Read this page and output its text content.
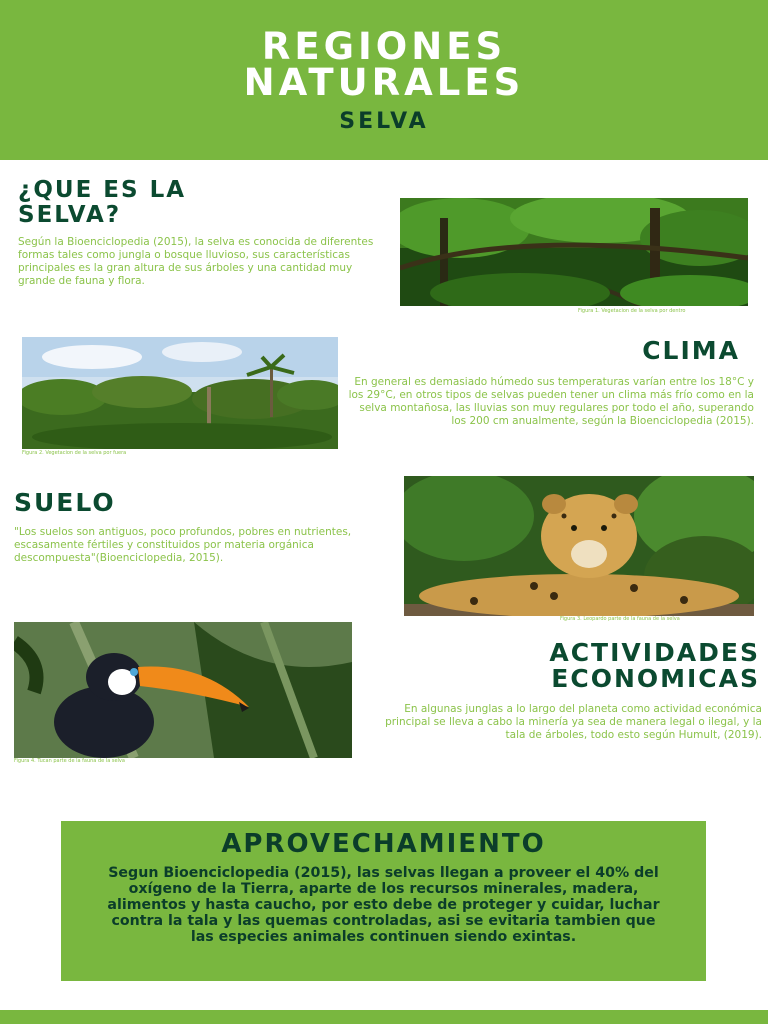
REGIONES
NATURALES
SELVA
¿QUE ES LA
SELVA?
Según la Bioenciclopedia (2015), la selva es conocida de diferentes formas tales como jungla o bosque lluvioso, sus características principales es la gran altura de sus árboles y una cantidad muy grande de fauna y flora.
Figura 1. Vegetacion de la selva por dentro
Figura 2. Vegetacion de la selva por fuera
CLIMA
En general es demasiado húmedo sus temperaturas varían entre los 18°C y los 29°C, en otros tipos de selvas pueden tener un clima más frío como en la selva montañosa, las lluvias son muy regulares por todo el año, superando los 200 cm anualmente, según la Bioenciclopedia (2015).
SUELO
"Los suelos son antiguos, poco profundos, pobres en nutrientes, escasamente fértiles y constituidos por materia orgánica descompuesta"(Bioenciclopedia, 2015).
Figura 3. Leopardo parte de la fauna de la selva
Figura 4. Tucan parte de la fauna de la selva
ACTIVIDADES
ECONOMICAS
En algunas junglas a lo largo del planeta como actividad económica principal se lleva a cabo la minería ya sea de manera legal o ilegal, y la tala de árboles, todo esto según Humult, (2019).
APROVECHAMIENTO
Segun Bioenciclopedia (2015), las selvas llegan a proveer el 40% del oxígeno de la Tierra, aparte de los recursos minerales, madera, alimentos y hasta caucho, por esto debe de proteger y cuidar, luchar contra la tala y las quemas controladas, asi se evitaria tambien que las especies animales continuen siendo exintas.
